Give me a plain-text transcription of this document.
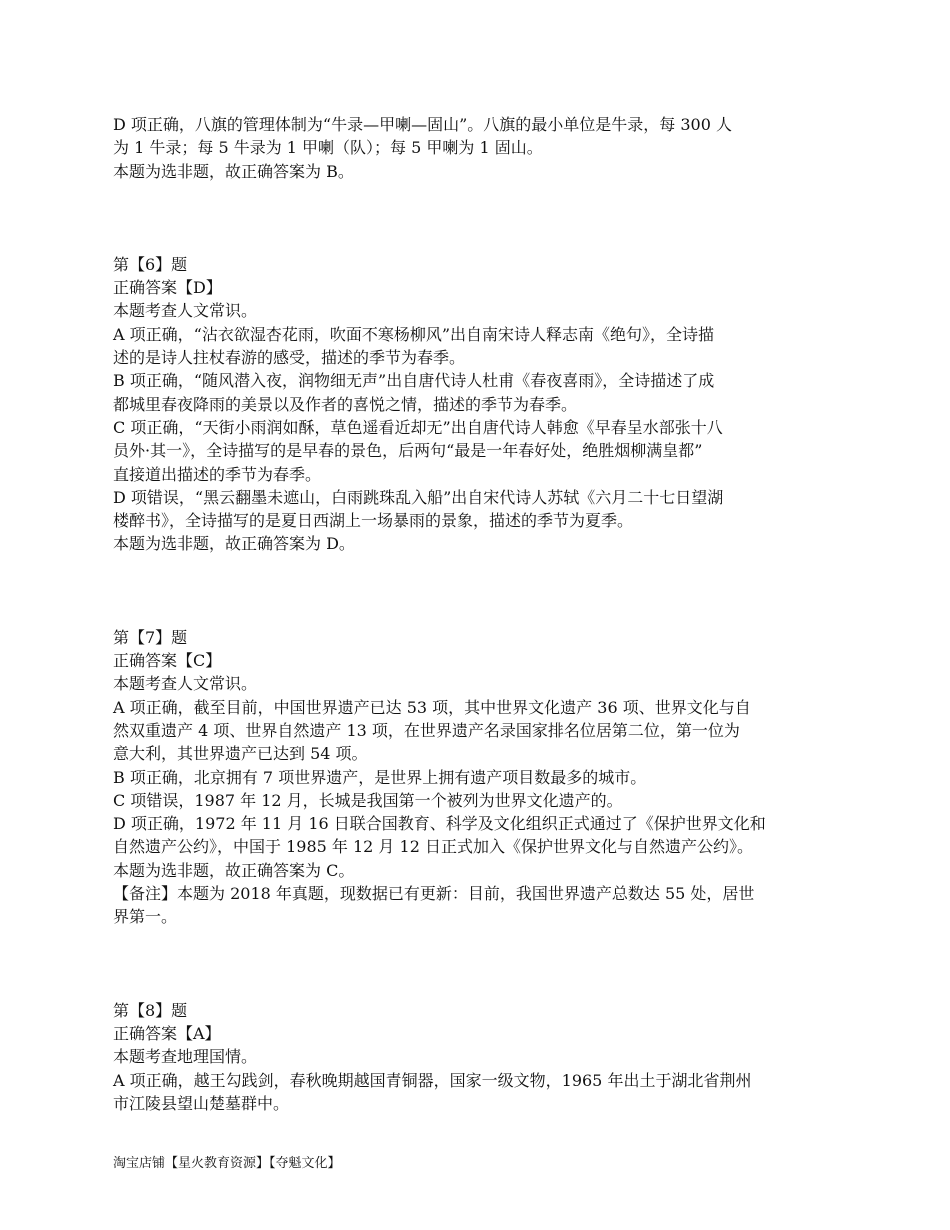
D 项正确，八旗的管理体制为“牛录—甲喇—固山”。八旗的最小单位是牛录，每 300 人

为 1 牛录；每 5 牛录为 1 甲喇（队）；每 5 甲喇为 1 固山。

本题为选非题，故正确答案为 B。

第【6】题

正确答案【D】

本题考查人文常识。

A 项正确，“沾衣欲湿杏花雨，吹面不寒杨柳风”出自南宋诗人释志南《绝句》，全诗描

述的是诗人拄杖春游的感受，描述的季节为春季。

B 项正确，“随风潜入夜，润物细无声”出自唐代诗人杜甫《春夜喜雨》，全诗描述了成

都城里春夜降雨的美景以及作者的喜悦之情，描述的季节为春季。

C 项正确，“天街小雨润如酥，草色遥看近却无”出自唐代诗人韩愈《早春呈水部张十八

员外·其一》，全诗描写的是早春的景色，后两句“最是一年春好处，绝胜烟柳满皇都”

直接道出描述的季节为春季。

D 项错误，“黑云翻墨未遮山，白雨跳珠乱入船”出自宋代诗人苏轼《六月二十七日望湖

楼醉书》，全诗描写的是夏日西湖上一场暴雨的景象，描述的季节为夏季。

本题为选非题，故正确答案为 D。

第【7】题

正确答案【C】

本题考查人文常识。

A 项正确，截至目前，中国世界遗产已达 53 项，其中世界文化遗产 36 项、世界文化与自

然双重遗产 4 项、世界自然遗产 13 项，在世界遗产名录国家排名位居第二位，第一位为

意大利，其世界遗产已达到 54 项。

B 项正确，北京拥有 7 项世界遗产，是世界上拥有遗产项目数最多的城市。

C 项错误，1987 年 12 月，长城是我国第一个被列为世界文化遗产的。

D 项正确，1972 年 11 月 16 日联合国教育、科学及文化组织正式通过了《保护世界文化和

自然遗产公约》，中国于 1985 年 12 月 12 日正式加入《保护世界文化与自然遗产公约》。

本题为选非题，故正确答案为 C。

【备注】本题为 2018 年真题，现数据已有更新：目前，我国世界遗产总数达 55 处，居世

界第一。

第【8】题

正确答案【A】

本题考查地理国情。

A 项正确，越王勾践剑，春秋晚期越国青铜器，国家一级文物，1965 年出土于湖北省荆州

市江陵县望山楚墓群中。

淘宝店铺【星火教育资源】【夺魁文化】
